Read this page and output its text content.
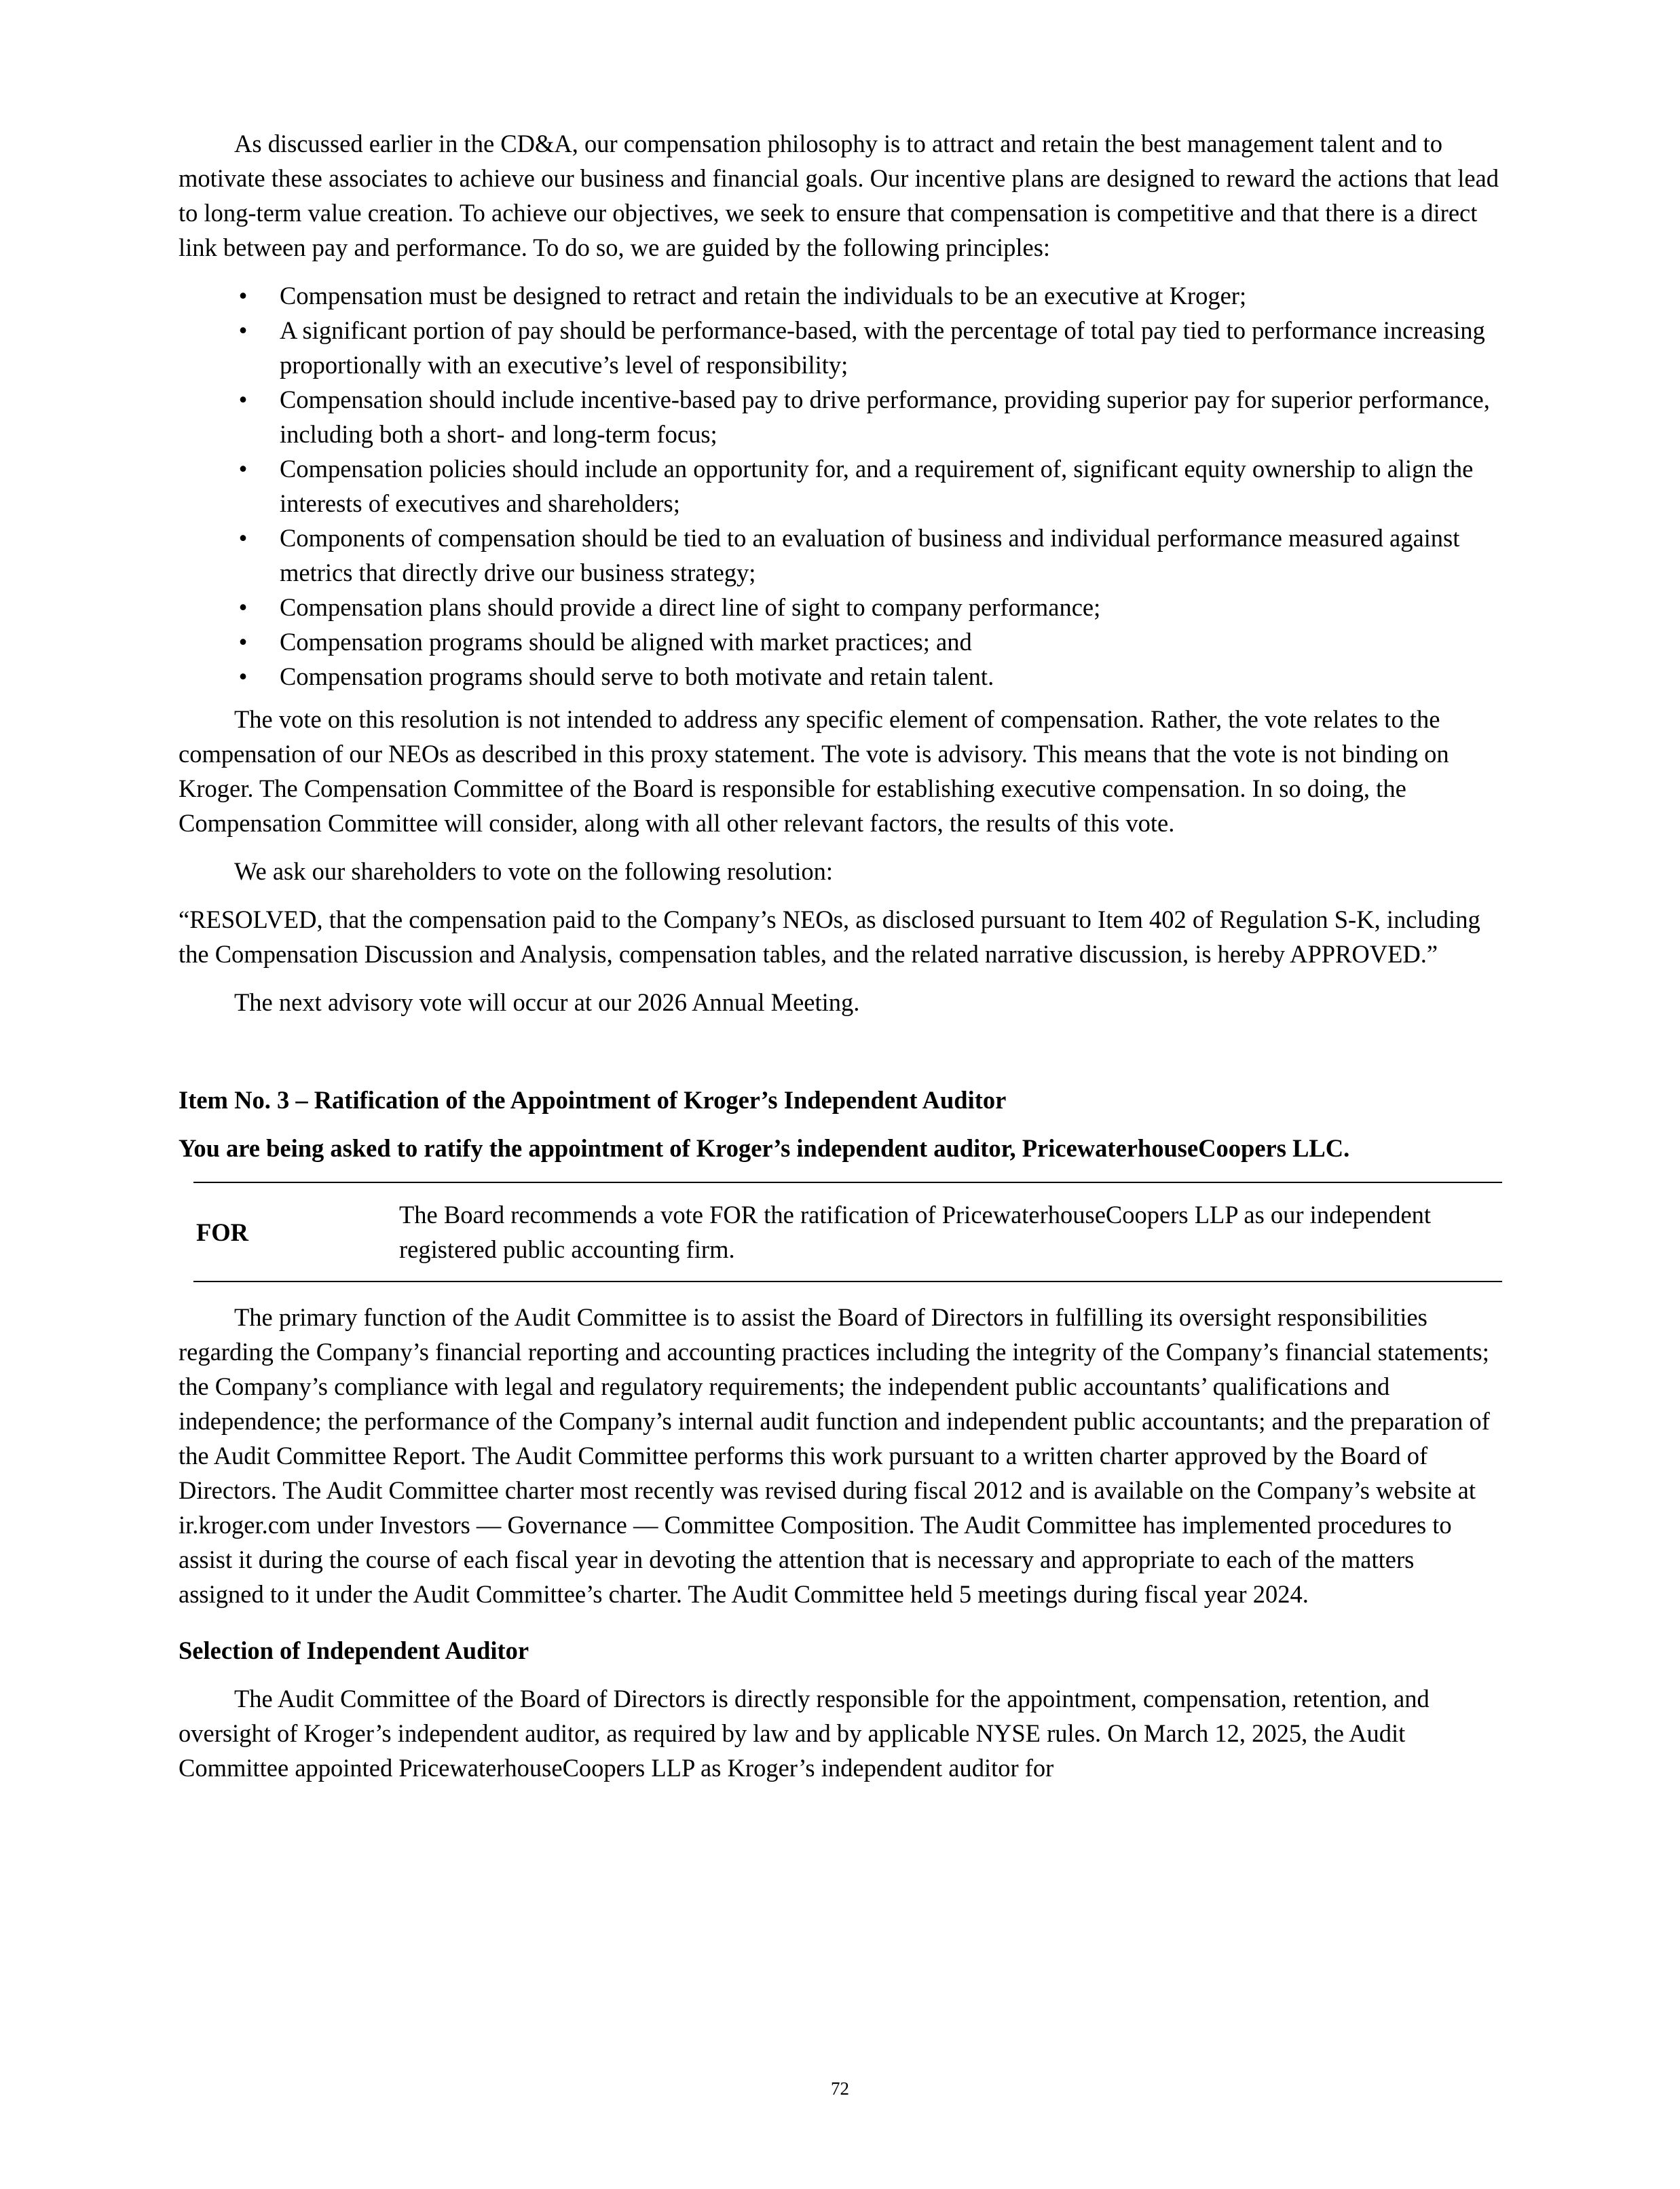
As discussed earlier in the CD&A, our compensation philosophy is to attract and retain the best management talent and to motivate these associates to achieve our business and financial goals. Our incentive plans are designed to reward the actions that lead to long-term value creation. To achieve our objectives, we seek to ensure that compensation is competitive and that there is a direct link between pay and performance. To do so, we are guided by the following principles:

• Compensation must be designed to retract and retain the individuals to be an executive at Kroger;
• A significant portion of pay should be performance-based, with the percentage of total pay tied to performance increasing proportionally with an executive’s level of responsibility;
• Compensation should include incentive-based pay to drive performance, providing superior pay for superior performance, including both a short- and long-term focus;
• Compensation policies should include an opportunity for, and a requirement of, significant equity ownership to align the interests of executives and shareholders;
• Components of compensation should be tied to an evaluation of business and individual performance measured against metrics that directly drive our business strategy;
• Compensation plans should provide a direct line of sight to company performance;
• Compensation programs should be aligned with market practices; and
• Compensation programs should serve to both motivate and retain talent.

The vote on this resolution is not intended to address any specific element of compensation. Rather, the vote relates to the compensation of our NEOs as described in this proxy statement. The vote is advisory. This means that the vote is not binding on Kroger. The Compensation Committee of the Board is responsible for establishing executive compensation. In so doing, the Compensation Committee will consider, along with all other relevant factors, the results of this vote.

We ask our shareholders to vote on the following resolution:

“RESOLVED, that the compensation paid to the Company’s NEOs, as disclosed pursuant to Item 402 of Regulation S-K, including the Compensation Discussion and Analysis, compensation tables, and the related narrative discussion, is hereby APPROVED.”

The next advisory vote will occur at our 2026 Annual Meeting.

Item No. 3 – Ratification of the Appointment of Kroger’s Independent Auditor

You are being asked to ratify the appointment of Kroger’s independent auditor, PricewaterhouseCoopers LLC.

FOR
The Board recommends a vote FOR the ratification of PricewaterhouseCoopers LLP as our independent registered public accounting firm.

The primary function of the Audit Committee is to assist the Board of Directors in fulfilling its oversight responsibilities regarding the Company’s financial reporting and accounting practices including the integrity of the Company’s financial statements; the Company’s compliance with legal and regulatory requirements; the independent public accountants’ qualifications and independence; the performance of the Company’s internal audit function and independent public accountants; and the preparation of the Audit Committee Report. The Audit Committee performs this work pursuant to a written charter approved by the Board of Directors. The Audit Committee charter most recently was revised during fiscal 2012 and is available on the Company’s website at ir.kroger.com under Investors — Governance — Committee Composition. The Audit Committee has implemented procedures to assist it during the course of each fiscal year in devoting the attention that is necessary and appropriate to each of the matters assigned to it under the Audit Committee’s charter. The Audit Committee held 5 meetings during fiscal year 2024.

Selection of Independent Auditor

The Audit Committee of the Board of Directors is directly responsible for the appointment, compensation, retention, and oversight of Kroger’s independent auditor, as required by law and by applicable NYSE rules. On March 12, 2025, the Audit Committee appointed PricewaterhouseCoopers LLP as Kroger’s independent auditor for

72
